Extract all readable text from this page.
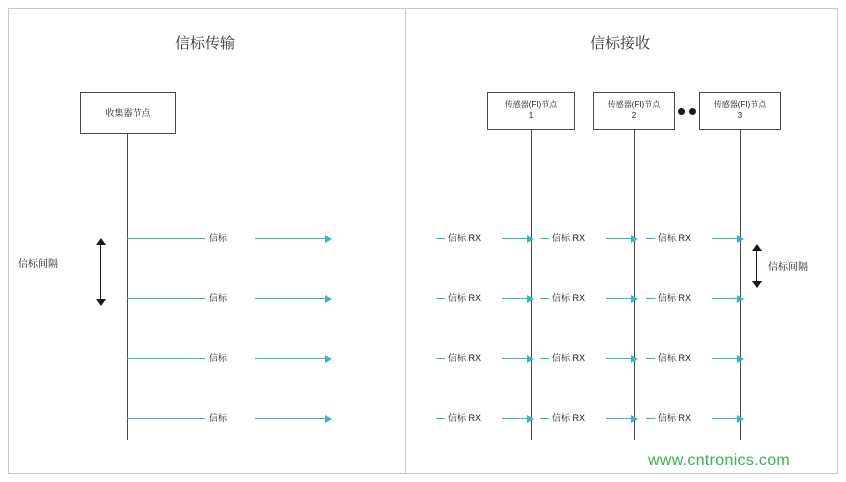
信标传输	信标接收
收集器节点
信标
信标
信标
信标
信标间隔
传感器(FI)节点
1
传感器(FI)节点
2
传感器(FI)节点
3
信标 RX	信标 RX	信标 RX
信标 RX	信标 RX	信标 RX
信标 RX	信标 RX	信标 RX
信标 RX	信标 RX	信标 RX
信标间隔
www.cntronics.com
